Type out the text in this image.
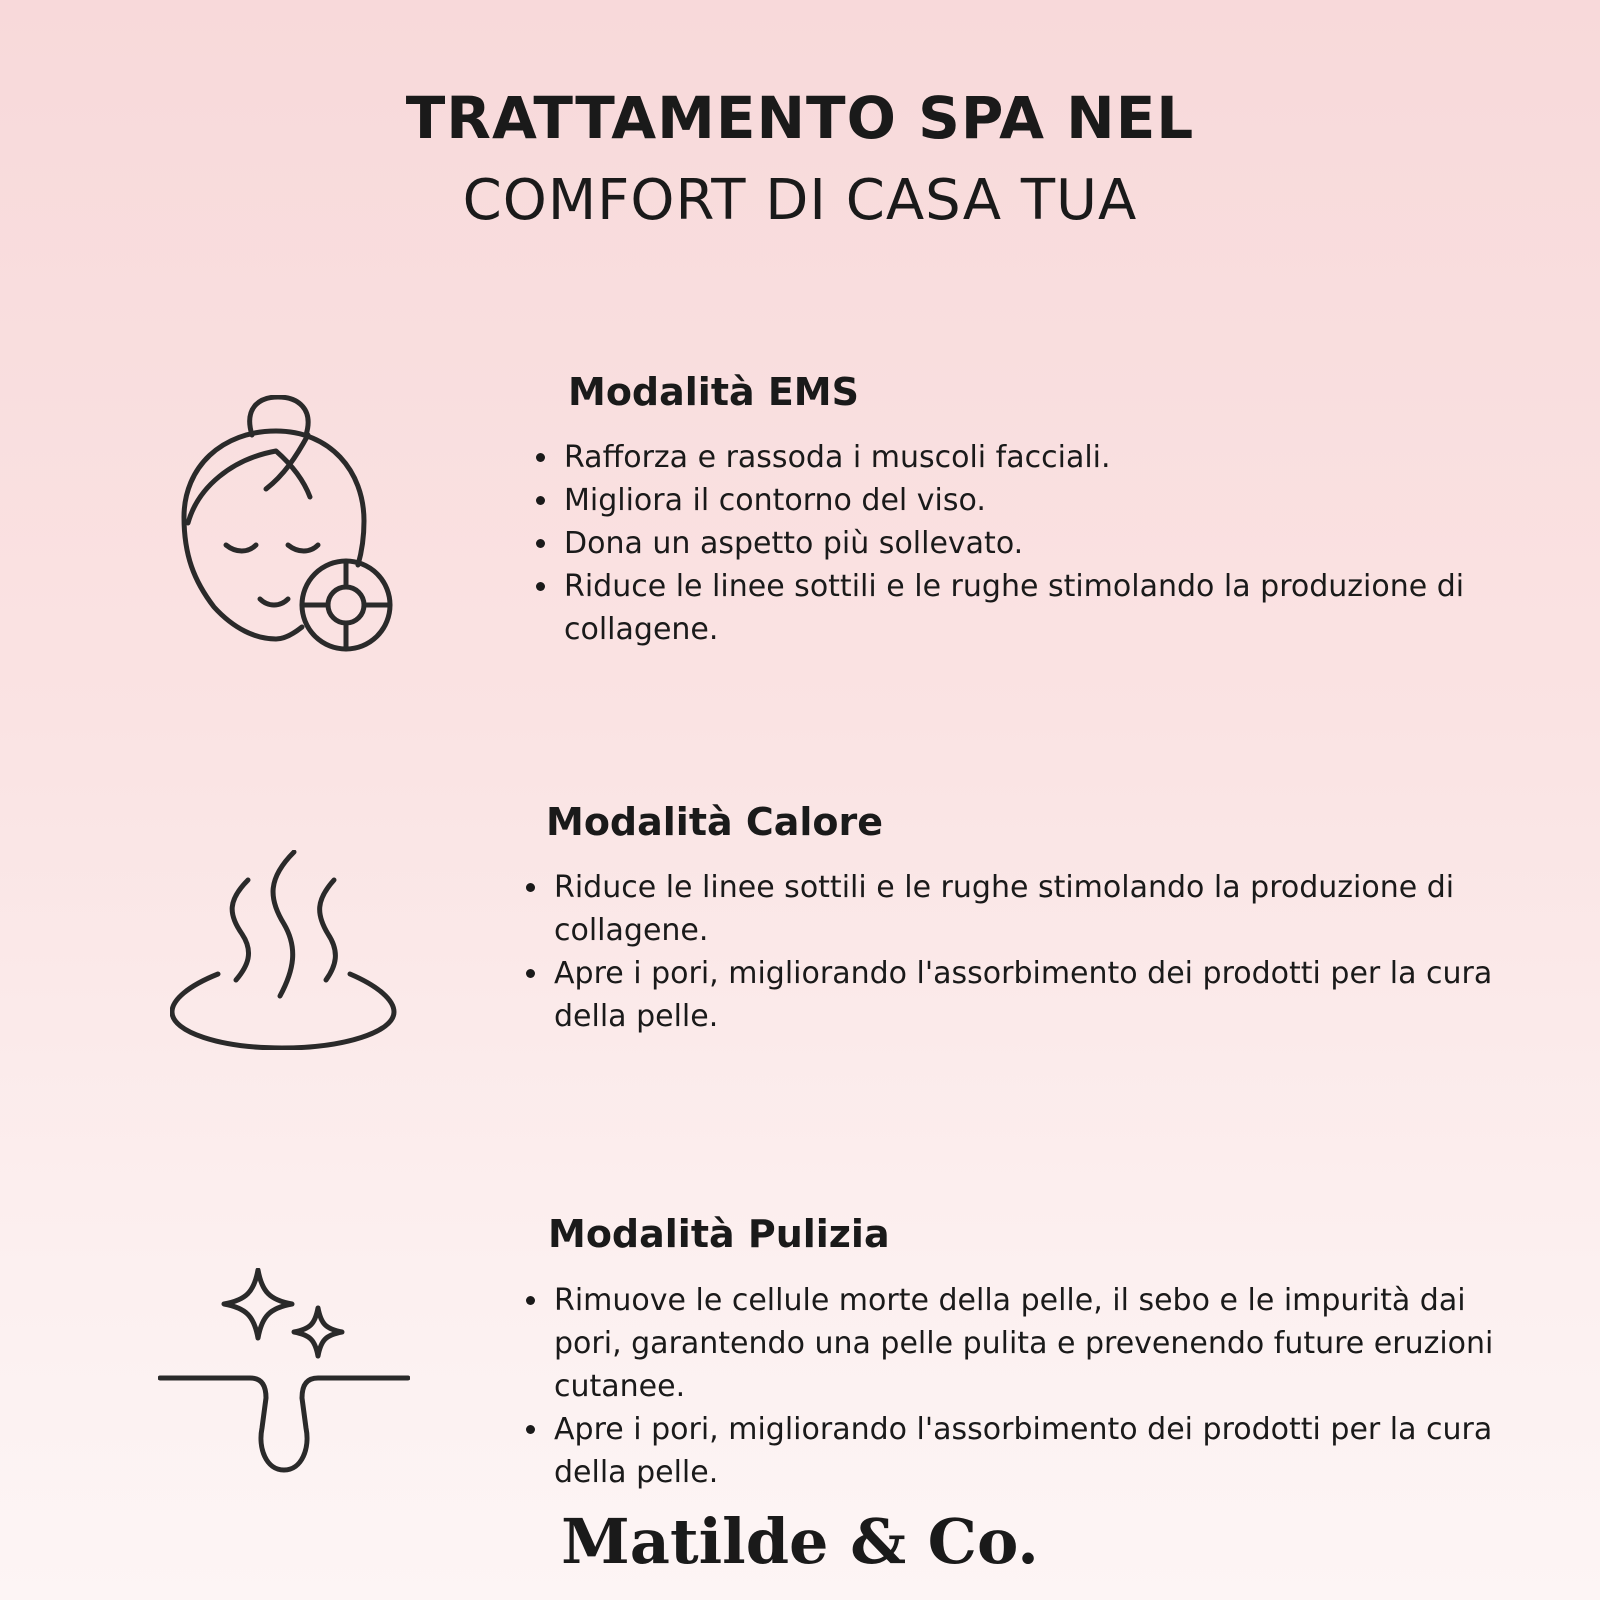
TRATTAMENTO SPA NEL
COMFORT DI CASA TUA
Modalità EMS
Rafforza e rassoda i muscoli facciali.
Migliora il contorno del viso.
Dona un aspetto più sollevato.
Riduce le linee sottili e le rughe stimolando la produzione di collagene.
Modalità Calore
Riduce le linee sottili e le rughe stimolando la produzione di collagene.
Apre i pori, migliorando l'assorbimento dei prodotti per la cura della pelle.
Modalità Pulizia
Rimuove le cellule morte della pelle, il sebo e le impurità dai pori, garantendo una pelle pulita e prevenendo future eruzioni cutanee.
Apre i pori, migliorando l'assorbimento dei prodotti per la cura della pelle.
Matilde & Co.
